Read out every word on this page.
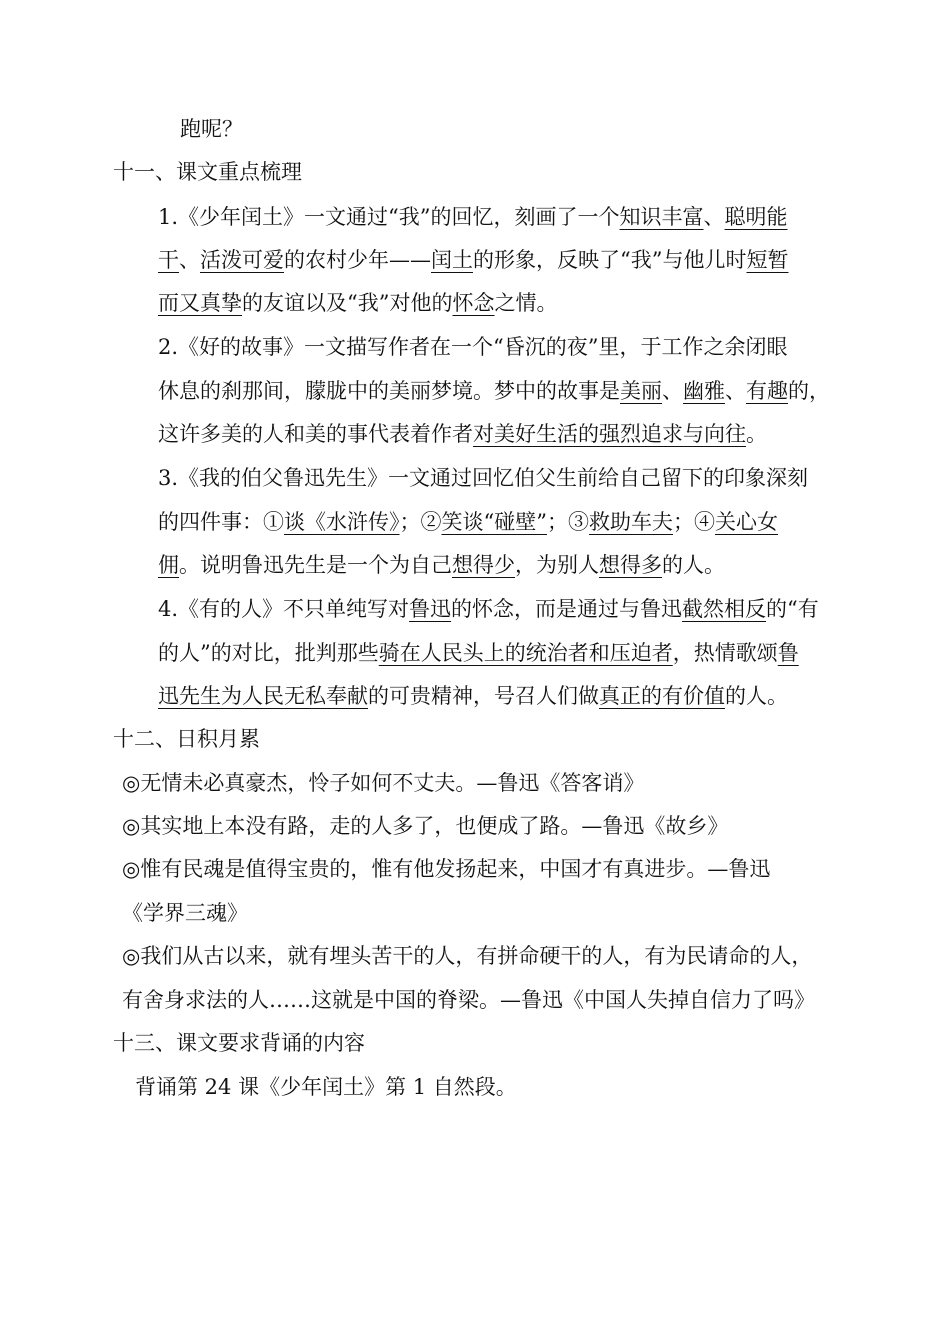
跑呢？
十一、课文重点梳理
1.《少年闰土》一文通过“我”的回忆，刻画了一个知识丰富、聪明能
干、活泼可爱的农村少年——闰土的形象，反映了“我”与他儿时短暂
而又真挚的友谊以及“我”对他的怀念之情。
2.《好的故事》一文描写作者在一个“昏沉的夜”里，于工作之余闭眼
休息的刹那间，朦胧中的美丽梦境。梦中的故事是美丽、幽雅、有趣的，
这许多美的人和美的事代表着作者对美好生活的强烈追求与向往。
3.《我的伯父鲁迅先生》一文通过回忆伯父生前给自己留下的印象深刻
的四件事：①谈《水浒传》；②笑谈“碰壁”；③救助车夫；④关心女
佣。说明鲁迅先生是一个为自己想得少，为别人想得多的人。
4.《有的人》不只单纯写对鲁迅的怀念，而是通过与鲁迅截然相反的“有
的人”的对比，批判那些骑在人民头上的统治者和压迫者，热情歌颂鲁
迅先生为人民无私奉献的可贵精神，号召人们做真正的有价值的人。
十二、日积月累
◎无情未必真豪杰，怜子如何不丈夫。—鲁迅《答客诮》
◎其实地上本没有路，走的人多了，也便成了路。—鲁迅《故乡》
◎惟有民魂是值得宝贵的，惟有他发扬起来，中国才有真进步。—鲁迅
《学界三魂》
◎我们从古以来，就有埋头苦干的人，有拼命硬干的人，有为民请命的人，
有舍身求法的人……这就是中国的脊梁。—鲁迅《中国人失掉自信力了吗》
十三、课文要求背诵的内容
背诵第 24 课《少年闰土》第 1 自然段。
